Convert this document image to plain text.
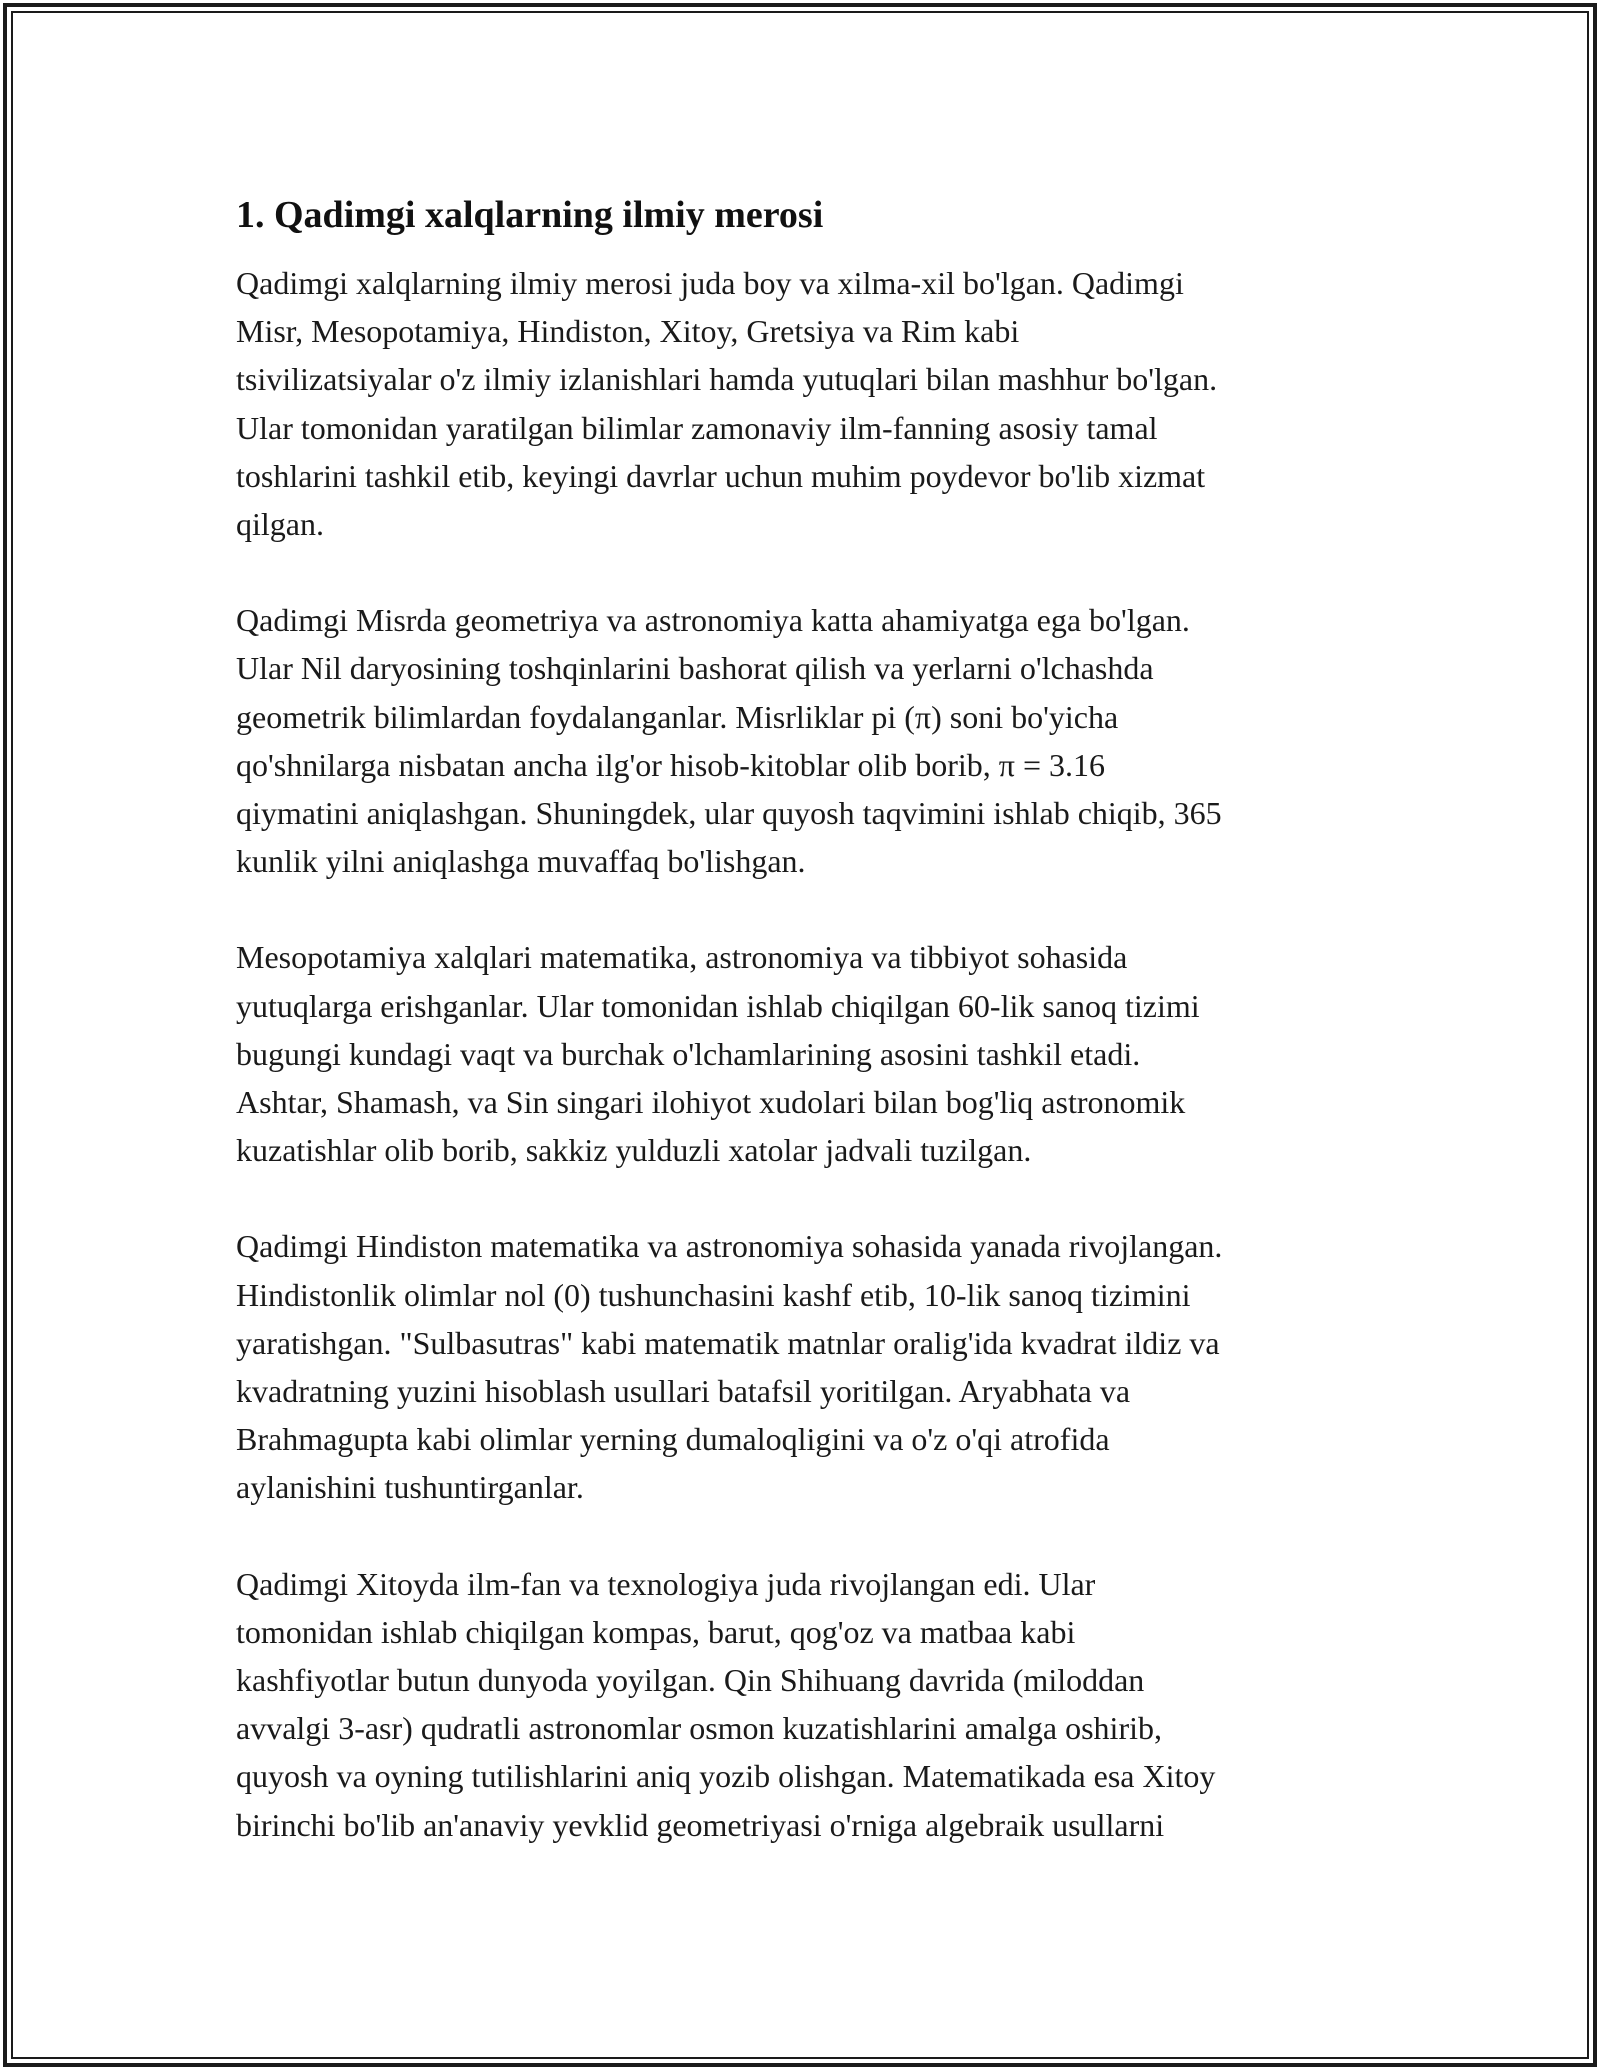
1. Qadimgi xalqlarning ilmiy merosi

Qadimgi xalqlarning ilmiy merosi juda boy va xilma-xil bo'lgan. Qadimgi
Misr, Mesopotamiya, Hindiston, Xitoy, Gretsiya va Rim kabi
tsivilizatsiyalar o'z ilmiy izlanishlari hamda yutuqlari bilan mashhur bo'lgan.
Ular tomonidan yaratilgan bilimlar zamonaviy ilm-fanning asosiy tamal
toshlarini tashkil etib, keyingi davrlar uchun muhim poydevor bo'lib xizmat
qilgan.

Qadimgi Misrda geometriya va astronomiya katta ahamiyatga ega bo'lgan.
Ular Nil daryosining toshqinlarini bashorat qilish va yerlarni o'lchashda
geometrik bilimlardan foydalanganlar. Misrliklar pi (π) soni bo'yicha
qo'shnilarga nisbatan ancha ilg'or hisob-kitoblar olib borib, π = 3.16
qiymatini aniqlashgan. Shuningdek, ular quyosh taqvimini ishlab chiqib, 365
kunlik yilni aniqlashga muvaffaq bo'lishgan.

Mesopotamiya xalqlari matematika, astronomiya va tibbiyot sohasida
yutuqlarga erishganlar. Ular tomonidan ishlab chiqilgan 60-lik sanoq tizimi
bugungi kundagi vaqt va burchak o'lchamlarining asosini tashkil etadi.
Ashtar, Shamash, va Sin singari ilohiyot xudolari bilan bog'liq astronomik
kuzatishlar olib borib, sakkiz yulduzli xatolar jadvali tuzilgan.

Qadimgi Hindiston matematika va astronomiya sohasida yanada rivojlangan.
Hindistonlik olimlar nol (0) tushunchasini kashf etib, 10-lik sanoq tizimini
yaratishgan. "Sulbasutras" kabi matematik matnlar oralig'ida kvadrat ildiz va
kvadratning yuzini hisoblash usullari batafsil yoritilgan. Aryabhata va
Brahmagupta kabi olimlar yerning dumaloqligini va o'z o'qi atrofida
aylanishini tushuntirganlar.

Qadimgi Xitoyda ilm-fan va texnologiya juda rivojlangan edi. Ular
tomonidan ishlab chiqilgan kompas, barut, qog'oz va matbaa kabi
kashfiyotlar butun dunyoda yoyilgan. Qin Shihuang davrida (miloddan
avvalgi 3-asr) qudratli astronomlar osmon kuzatishlarini amalga oshirib,
quyosh va oyning tutilishlarini aniq yozib olishgan. Matematikada esa Xitoy
birinchi bo'lib an'anaviy yevklid geometriyasi o'rniga algebraik usullarni
